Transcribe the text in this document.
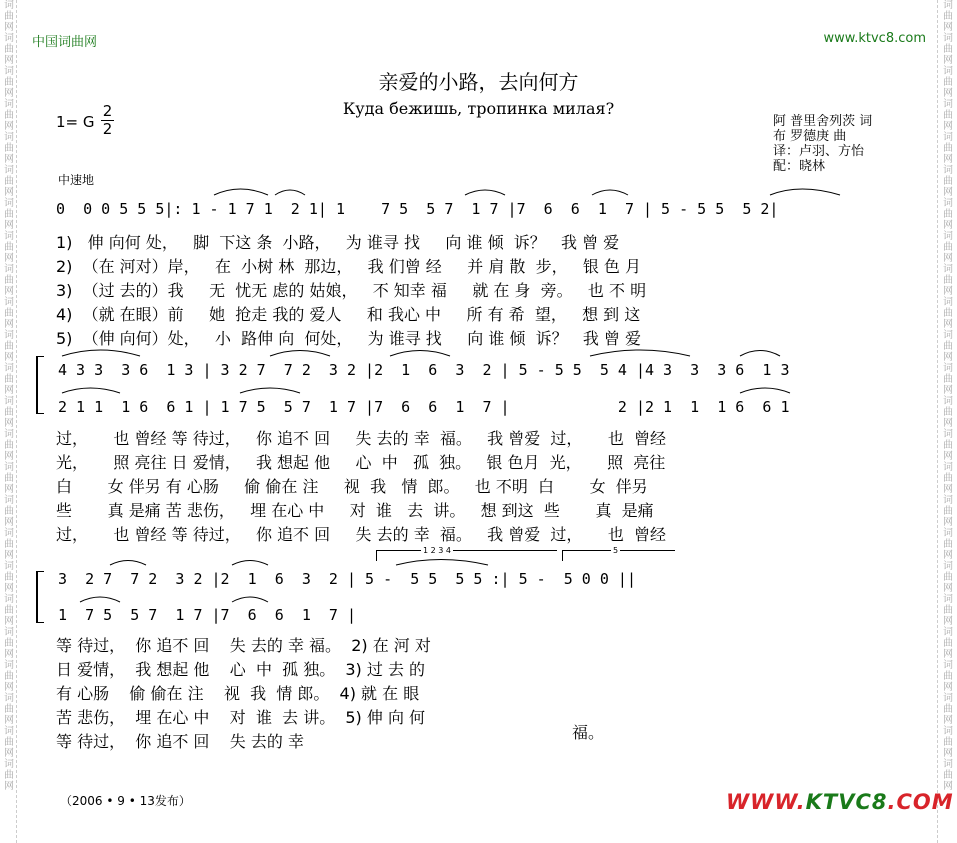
词
曲
网
词
曲
网
词
曲
网
词
曲
网
词
曲
网
词
曲
网
词
曲
网
词
曲
网
词
曲
网
词
曲
网
词
曲
网
词
曲
网
词
曲
网
词
曲
网
词
曲
网
词
曲
网
词
曲
网
词
曲
网
词
曲
网
词
曲
网
词
曲
网
词
曲
网
词
曲
网
词
曲
网
词
曲
网
词
曲
网
词
曲
网
词
曲
网
词
曲
网
词
曲
网
词
曲
网
词
曲
网
词
曲
网
词
曲
网
词
曲
网
词
曲
网
词
曲
网
词
曲
网
词
曲
网
词
曲
网
词
曲
网
词
曲
网
词
曲
网
词
曲
网
词
曲
网
词
曲
网
词
曲
网
词
曲
网
中国词曲网	www.ktvc8.com
亲爱的小路，去向何方
Куда бежишь, тропинка милая?
1= G
2
2	阿 普里舍列茨 词
布 罗德庚 曲
译：卢羽、方怡
配：晓林
中速地
0  0 0 5 5 5|: 1 - 1 7 1  2 1| 1    7 5  5 7  1 7 |7  6  6  1  7 | 5 - 5 5  5 2|
1)   伸 向何 处，   脚  下这 条  小路，   为 谁寻 找     向 谁 倾  诉？   我 曾 爱
2)  （在 河对）岸，   在  小树 林  那边，   我 们曾 经     并 肩 散  步，   银 色 月
3)  （过 去的）我     无  忧无 虑的 姑娘，   不 知幸 福     就 在 身  旁。   也 不 明
4)  （就 在眼）前     她  抢走 我的 爱人     和 我心 中     所 有 希  望，   想 到 这
5)  （伸 向何）处，   小  路伸 向  何处，   为 谁寻 找     向 谁 倾  诉？   我 曾 爱
4 3 3  3 6  1 3 | 3 2 7  7 2  3 2 |2  1  6  3  2 | 5 - 5 5  5 4 |4 3  3  3 6  1 3
2 1 1  1 6  6 1 | 1 7 5  5 7  1 7 |7  6  6  1  7 |            2 |2 1  1  1 6  6 1
过，     也 曾经 等 待过，   你 追不 回     失 去的 幸  福。   我 曾爱  过，     也  曾经
光，     照 亮往 日 爱情，   我 想起 他     心  中   孤  独。   银 色月  光，     照  亮往
白       女 伴另 有 心肠     偷 偷在 注     视  我   情  郎。   也 不明  白       女  伴另
些       真 是痛 苦 悲伤，   埋 在心 中     对  谁   去  讲。   想 到这  些       真  是痛
过，     也 曾经 等 待过，   你 追不 回     失 去的 幸  福。   我 曾爱  过，     也  曾经
1 2 3 4	5
3  2 7  7 2  3 2 |2  1  6  3  2 | 5 -  5 5  5 5 :| 5 -  5 0 0 ||
1  7 5  5 7  1 7 |7  6  6  1  7 |
等 待过，  你 追不 回    失 去的 幸 福。  2) 在 河 对
日 爱情，  我 想起 他    心  中  孤 独。  3) 过 去 的
有 心肠    偷 偷在 注    视  我  情 郎。  4) 就 在 眼
苦 悲伤，  埋 在心 中    对  谁  去 讲。  5) 伸 向 何
等 待过，  你 追不 回    失 去的 幸	福。
（2006 • 9 • 13发布）	WWW.KTVC8.COM
